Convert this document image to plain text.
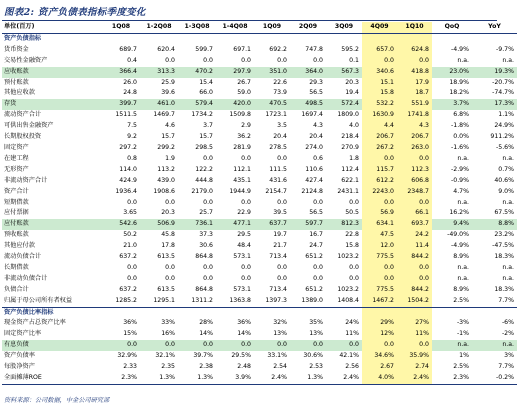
图表2: 资产负债表指标季度变化
单位(百万)	1Q08	1-2Q08	1-3Q08	1-4Q08	1Q09	2Q09	3Q09	4Q09	1Q10	QoQ	YoY
资产负债指标											
货币资金	689.7	620.4	599.7	697.1	692.2	747.8	595.2	657.0	624.8	-4.9%	-9.7%
交易性金融资产	0.4	0.0	0.0	0.0	0.0	0.0	0.1	0.0	0.0	n.a.	n.a.
应收账款	366.4	313.3	470.2	297.9	351.0	364.0	567.3	340.6	418.8	23.0%	19.3%
预付账款	26.0	25.9	15.4	26.7	22.6	29.3	20.3	15.1	17.9	18.9%	-20.7%
其他应收款	24.8	39.6	66.0	59.0	73.9	56.5	19.4	15.8	18.7	18.2%	-74.7%
存货	399.7	461.0	579.4	420.0	470.5	498.5	572.4	532.2	551.9	3.7%	17.3%
流动资产合计	1511.5	1469.7	1734.2	1509.8	1723.1	1697.4	1809.0	1630.9	1741.8	6.8%	1.1%
可供出售金融资产	7.5	4.6	3.7	2.9	3.5	4.3	4.0	4.4	4.3	-1.8%	24.9%
长期股权投资	9.2	15.7	15.7	36.2	20.4	20.4	218.4	206.7	206.7	0.0%	911.2%
固定资产	297.2	299.2	298.5	281.9	278.5	274.0	270.9	267.2	263.0	-1.6%	-5.6%
在建工程	0.8	1.9	0.0	0.0	0.0	0.6	1.8	0.0	0.0	n.a.	n.a.
无形资产	114.0	113.2	122.2	112.1	111.5	110.6	112.4	115.7	112.3	-2.9%	0.7%
非流动资产合计	424.9	439.0	444.8	435.1	431.6	427.4	622.1	612.2	606.8	-0.9%	40.6%
资产合计	1936.4	1908.6	2179.0	1944.9	2154.7	2124.8	2431.1	2243.0	2348.7	4.7%	9.0%
短期借款	0.0	0.0	0.0	0.0	0.0	0.0	0.0	0.0	0.0	n.a.	n.a.
应付票据	3.65	20.3	25.7	22.9	39.5	56.5	50.5	56.9	66.1	16.2%	67.5%
应付账款	542.6	506.9	736.1	477.1	637.7	597.7	812.3	634.1	693.7	9.4%	8.8%
预收账款	50.2	45.8	37.3	29.5	19.7	16.7	22.8	47.5	24.2	-49.0%	23.2%
其他应付款	21.0	17.8	30.6	48.4	21.7	24.7	15.8	12.0	11.4	-4.9%	-47.5%
流动负债合计	637.2	613.5	864.8	573.1	713.4	651.2	1023.2	775.5	844.2	8.9%	18.3%
长期借款	0.0	0.0	0.0	0.0	0.0	0.0	0.0	0.0	0.0	n.a.	n.a.
非流动负债合计	0.0	0.0	0.0	0.0	0.0	0.0	0.0	0.0	0.0	n.a.	n.a.
负债合计	637.2	613.5	864.8	573.1	713.4	651.2	1023.2	775.5	844.2	8.9%	18.3%
归属于母公司所有者权益	1285.2	1295.1	1311.2	1363.8	1397.3	1389.0	1408.4	1467.2	1504.2	2.5%	7.7%
资产负债比率指标											
现金资产占总资产比率	36%	33%	28%	36%	32%	35%	24%	29%	27%	-3%	-6%
固定资产比率	15%	16%	14%	14%	13%	13%	11%	12%	11%	-1%	-2%
有息负债	0.0	0.0	0.0	0.0	0.0	0.0	0.0	0.0	0.0	n.a.	n.a.
资产负债率	32.9%	32.1%	39.7%	29.5%	33.1%	30.6%	42.1%	34.6%	35.9%	1%	3%
每股净资产	2.33	2.35	2.38	2.48	2.54	2.53	2.56	2.67	2.74	2.5%	7.7%
全面摊薄ROE	2.3%	1.3%	1.3%	3.9%	2.4%	1.3%	2.4%	4.0%	2.4%	2.3%	-0.2%
资料来源：公司数据，中金公司研究部
